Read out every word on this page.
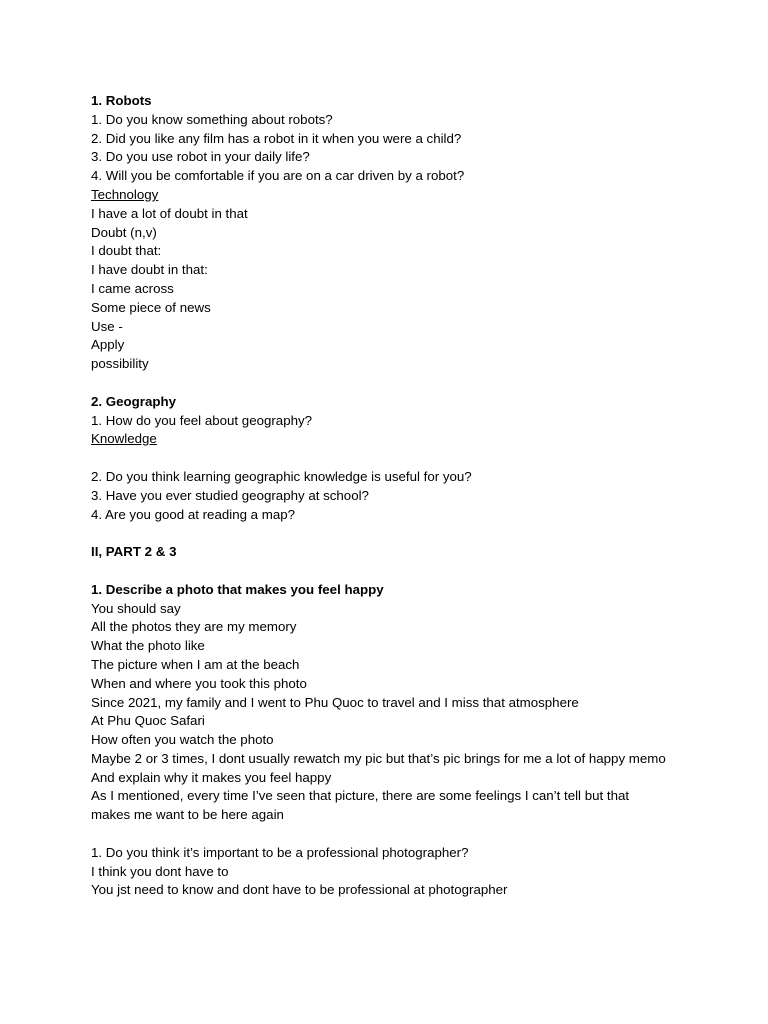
1. Robots

1. Do you know something about robots?

2. Did you like any film has a robot in it when you were a child?

3. Do you use robot in your daily life?

4. Will you be comfortable if you are on a car driven by a robot?

Technology

I have a lot of doubt in that

Doubt (n,v)

I doubt that:

I have doubt in that:

I came across

Some piece of news

Use -

Apply

possibility

2. Geography

1. How do you feel about geography?

Knowledge

2. Do you think learning geographic knowledge is useful for you?

3. Have you ever studied geography at school?

4. Are you good at reading a map?

II, PART 2 & 3

1. Describe a photo that makes you feel happy

You should say

All the photos they are my memory

What the photo like

The picture when I am at the beach

When and where you took this photo

Since 2021, my family and I went to Phu Quoc to travel and I miss that atmosphere

At Phu Quoc Safari

How often you watch the photo

Maybe 2 or 3 times, I dont usually rewatch my pic but that’s pic brings for me a lot of happy memo

And explain why it makes you feel happy

As I mentioned, every time I’ve seen that picture, there are some feelings I can’t tell but that makes me want to be here again

1. Do you think it’s important to be a professional photographer?

I think you dont have to

You jst need to know and dont have to be professional at photographer
